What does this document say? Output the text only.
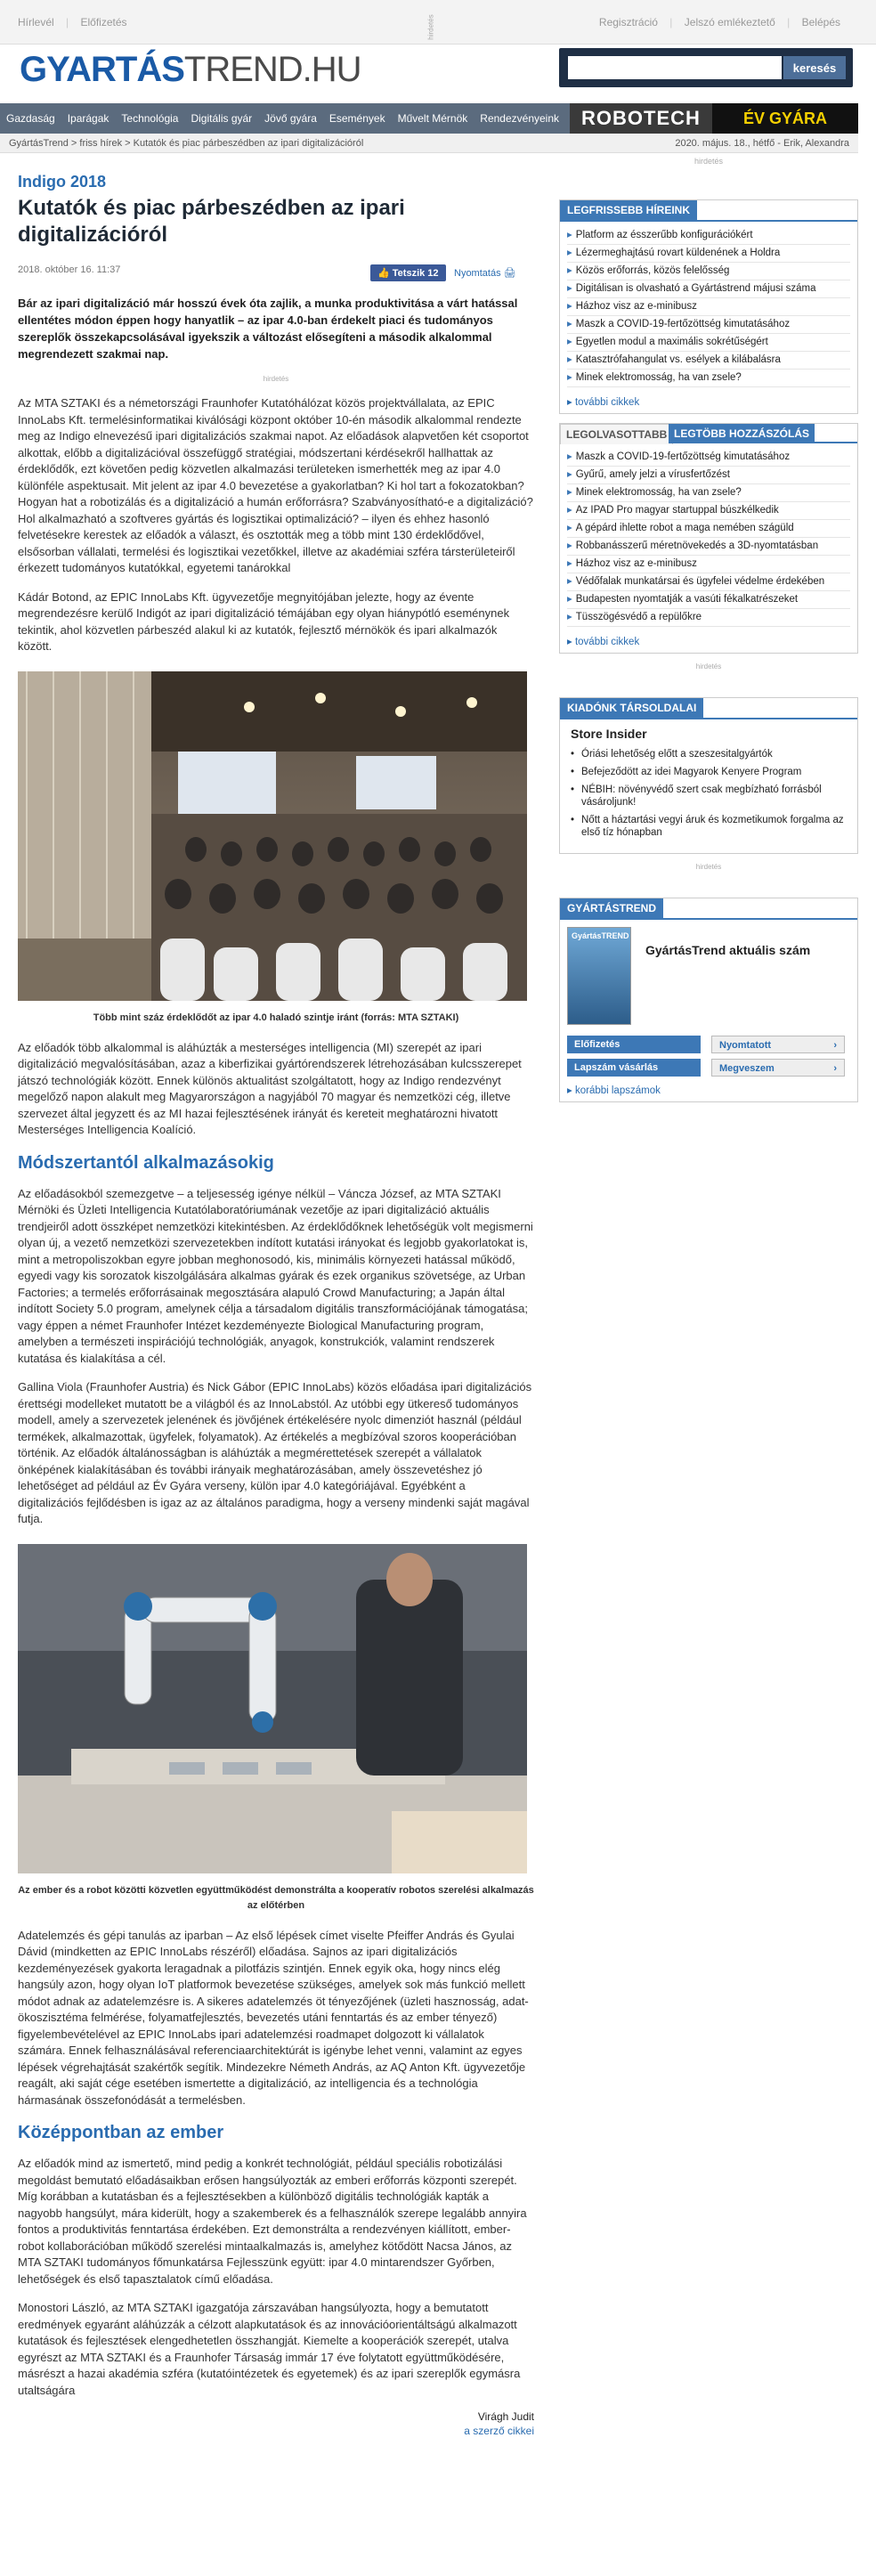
Hírlevél | Előfizetés	hirdetés	Regisztráció | Jelszó emlékeztető | Belépés
GYARTÁSTREND.HU	keresés
Gazdaság Iparágak Technológia Digitális gyár Jövő gyára Események Művelt Mérnök Rendezvényeink	ROBOTECH	ÉV GYÁRA
GyártásTrend > friss hírek > Kutatók és piac párbeszédben az ipari digitalizációról	2020. május. 18., hétfő - Erik, Alexandra
Indigo 2018
Kutatók és piac párbeszédben az ipari digitalizációról
2018. október 16. 11:37	👍 Tetszik 12	Nyomtatás 🖨
Bár az ipari digitalizáció már hosszú évek óta zajlik, a munka produktivitása a várt hatással ellentétes módon éppen hogy hanyatlik – az ipar 4.0-ban érdekelt piaci és tudományos szereplők összekapcsolásával igyekszik a változást elősegíteni a második alkalommal megrendezett szakmai nap.
hirdetés

Az MTA SZTAKI és a németországi Fraunhofer Kutatóhálózat közös projektvállalata, az EPIC InnoLabs Kft. termelésinformatikai kiválósági központ október 10-én második alkalommal rendezte meg az Indigo elnevezésű ipari digitalizációs szakmai napot. Az előadások alapvetően két csoportot alkottak, előbb a digitalizációval összefüggő stratégiai, módszertani kérdésekről hallhattak az érdeklődők, ezt követően pedig közvetlen alkalmazási területeken ismerhették meg az ipar 4.0 különféle aspektusait. Mit jelent az ipar 4.0 bevezetése a gyakorlatban? Ki hol tart a fokozatokban? Hogyan hat a robotizálás és a digitalizáció a humán erőforrásra? Szabványosítható-e a digitalizáció? Hol alkalmazható a szoftveres gyártás és logisztikai optimalizáció? – ilyen és ehhez hasonló felvetésekre kerestek az előadók a választ, és osztották meg a több mint 130 érdeklődővel, elsősorban vállalati, termelési és logisztikai vezetőkkel, illetve az akadémiai szféra társterületeiről érkezett tudományos kutatókkal, egyetemi tanárokkal

Kádár Botond, az EPIC InnoLabs Kft. ügyvezetője megnyitójában jelezte, hogy az évente megrendezésre kerülő Indigót az ipari digitalizáció témájában egy olyan hiánypótló eseménynek tekintik, ahol közvetlen párbeszéd alakul ki az kutatók, fejlesztő mérnökök és ipari alkalmazók között.

Több mint száz érdeklődőt az ipar 4.0 haladó szintje iránt (forrás: MTA SZTAKI)

Az előadók több alkalommal is aláhúzták a mesterséges intelligencia (MI) szerepét az ipari digitalizáció megvalósításában, azaz a kiberfizikai gyártórendszerek létrehozásában kulcsszerepet játszó technológiák között. Ennek különös aktualitást szolgáltatott, hogy az Indigo rendezvényt megelőző napon alakult meg Magyarországon a nagyjából 70 magyar és nemzetközi cég, illetve szervezet által jegyzett és az MI hazai fejlesztésének irányát és kereteit meghatározni hivatott Mesterséges Intelligencia Koalíció.

Módszertantól alkalmazásokig

Az előadásokból szemezgetve – a teljesesség igénye nélkül – Váncza József, az MTA SZTAKI Mérnöki és Üzleti Intelligencia Kutatólaboratóriumának vezetője az ipari digitalizáció aktuális trendjeiről adott összképet nemzetközi kitekintésben. Az érdeklődőknek lehetőségük volt megismerni olyan új, a vezető nemzetközi szervezetekben indított kutatási irányokat és legjobb gyakorlatokat is, mint a metropoliszokban egyre jobban meghonosodó, kis, minimális környezeti hatással működő, egyedi vagy kis sorozatok kiszolgálására alkalmas gyárak és ezek organikus szövetsége, az Urban Factories; a termelés erőforrásainak megosztására alapuló Crowd Manufacturing; a Japán által indított Society 5.0 program, amelynek célja a társadalom digitális transzformációjának támogatása; vagy éppen a német Fraunhofer Intézet kezdeményezte Biological Manufacturing program, amelyben a természeti inspirációjú technológiák, anyagok, konstrukciók, valamint rendszerek kutatása és kialakítása a cél.

Gallina Viola (Fraunhofer Austria) és Nick Gábor (EPIC InnoLabs) közös előadása ipari digitalizációs érettségi modelleket mutatott be a világból és az InnoLabstól. Az utóbbi egy ütkereső tudományos modell, amely a szervezetek jelenének és jövőjének értékelésére nyolc dimenziót használ (például termékek, alkalmazottak, ügyfelek, folyamatok). Az értékelés a megbízóval szoros kooperációban történik. Az előadók általánosságban is aláhúzták a megmérettetések szerepét a vállalatok önképének kialakításában és további irányaik meghatározásában, amely összevetéshez jó lehetőséget ad például az Év Gyára verseny, külön ipar 4.0 kategóriájával. Egyébként a digitalizációs fejlődésben is igaz az az általános paradigma, hogy a verseny mindenki saját magával futja.

Az ember és a robot közötti közvetlen együttműködést demonstrálta a kooperatív robotos szerelési alkalmazás az előtérben

Adatelemzés és gépi tanulás az iparban – Az első lépések címet viselte Pfeiffer András és Gyulai Dávid (mindketten az EPIC InnoLabs részéről) előadása. Sajnos az ipari digitalizációs kezdeményezések gyakorta leragadnak a pilotfázis szintjén. Ennek egyik oka, hogy nincs elég hangsúly azon, hogy olyan IoT platformok bevezetése szükséges, amelyek sok más funkció mellett módot adnak az adatelemzésre is. A sikeres adatelemzés öt tényezőjének (üzleti hasznosság, adat-ökoszisztéma felmérése, folyamatfejlesztés, bevezetés utáni fenntartás és az ember tényező) figyelembevételével az EPIC InnoLabs ipari adatelemzési roadmapet dolgozott ki vállalatok számára. Ennek felhasználásával referenciaarchitektúrát is igénybe lehet venni, valamint az egyes lépések végrehajtását szakértők segítik. Mindezekre Németh András, az AQ Anton Kft. ügyvezetője reagált, aki saját cége esetében ismertette a digitalizáció, az intelligencia és a technológia hármasának összefonódását a termelésben.

Középpontban az ember

Az előadók mind az ismertető, mind pedig a konkrét technológiát, például speciális robotizálási megoldást bemutató előadásaikban erősen hangsúlyozták az emberi erőforrás központi szerepét. Míg korábban a kutatásban és a fejlesztésekben a különböző digitális technológiák kapták a nagyobb hangsúlyt, mára kiderült, hogy a szakemberek és a felhasználók szerepe legalább annyira fontos a produktivitás fenntartása érdekében. Ezt demonstrálta a rendezvényen kiállított, ember-robot kollaborációban működő szerelési mintaalkalmazás is, amelyhez kötődött Nacsa János, az MTA SZTAKI tudományos főmunkatársa Fejlesszünk együtt: ipar 4.0 mintarendszer Győrben, lehetőségek és első tapasztalatok című előadása.

Monostori László, az MTA SZTAKI igazgatója zárszavában hangsúlyozta, hogy a bemutatott eredmények egyaránt aláhúzzák a célzott alapkutatások és az innovációorientáltságú alkalmazott kutatások és fejlesztések elengedhetetlen összhangját. Kiemelte a kooperációk szerepét, utalva egyrészt az MTA SZTAKI és a Fraunhofer Társaság immár 17 éve folytatott együttműködésére, másrészt a hazai akadémia szféra (kutatóintézetek és egyetemek) és az ipari szereplők egymásra utaltságára

Virágh Judit
a szerző cikkei
hirdetés
LEGFRISSEBB HÍREINK
▸ Platform az ésszerűbb konfigurációkért
▸ Lézermeghajtású rovart küldenének a Holdra
▸ Közös erőforrás, közös felelősség
▸ Digitálisan is olvasható a Gyártástrend májusi száma
▸ Házhoz visz az e-minibusz
▸ Maszk a COVID-19-fertőzöttség kimutatásához
▸ Egyetlen modul a maximális sokrétűségért
▸ Katasztrófahangulat vs. esélyek a kilábalásra
▸ Minek elektromosság, ha van zsele?
▸ további cikkek
LEGOLVASOTTABB LEGTÖBB HOZZÁSZÓLÁS
▸ Maszk a COVID-19-fertőzöttség kimutatásához
▸ Gyűrű, amely jelzi a vírusfertőzést
▸ Minek elektromosság, ha van zsele?
▸ Az IPAD Pro magyar startuppal búszkélkedik
▸ A gépárd ihlette robot a maga nemében szágüld
▸ Robbanásszerű méretnövekedés a 3D-nyomtatásban
▸ Házhoz visz az e-minibusz
▸ Védőfalak munkatársai és ügyfelei védelme érdekében
▸ Budapesten nyomtatják a vasúti fékalkatrészeket
▸ Tüsszögésvédő a repülőkre
▸ további cikkek
hirdetés
KIADÓNK TÁRSOLDALAI
Store Insider
• Óriási lehetőség előtt a szeszesitalgyártók
• Befejeződött az idei Magyarok Kenyere Program
• NÉBIH: növényvédő szert csak megbízható forrásból vásároljunk!
• Nőtt a háztartási vegyi áruk és kozmetikumok forgalma az első tíz hónapban
hirdetés
GYÁRTÁSTREND
GyártásTREND
GyártásTrend aktuális szám
Előfizetés	Nyomtatott	›
Lapszám vásárlás	Megveszem	›
▸ korábbi lapszámok
